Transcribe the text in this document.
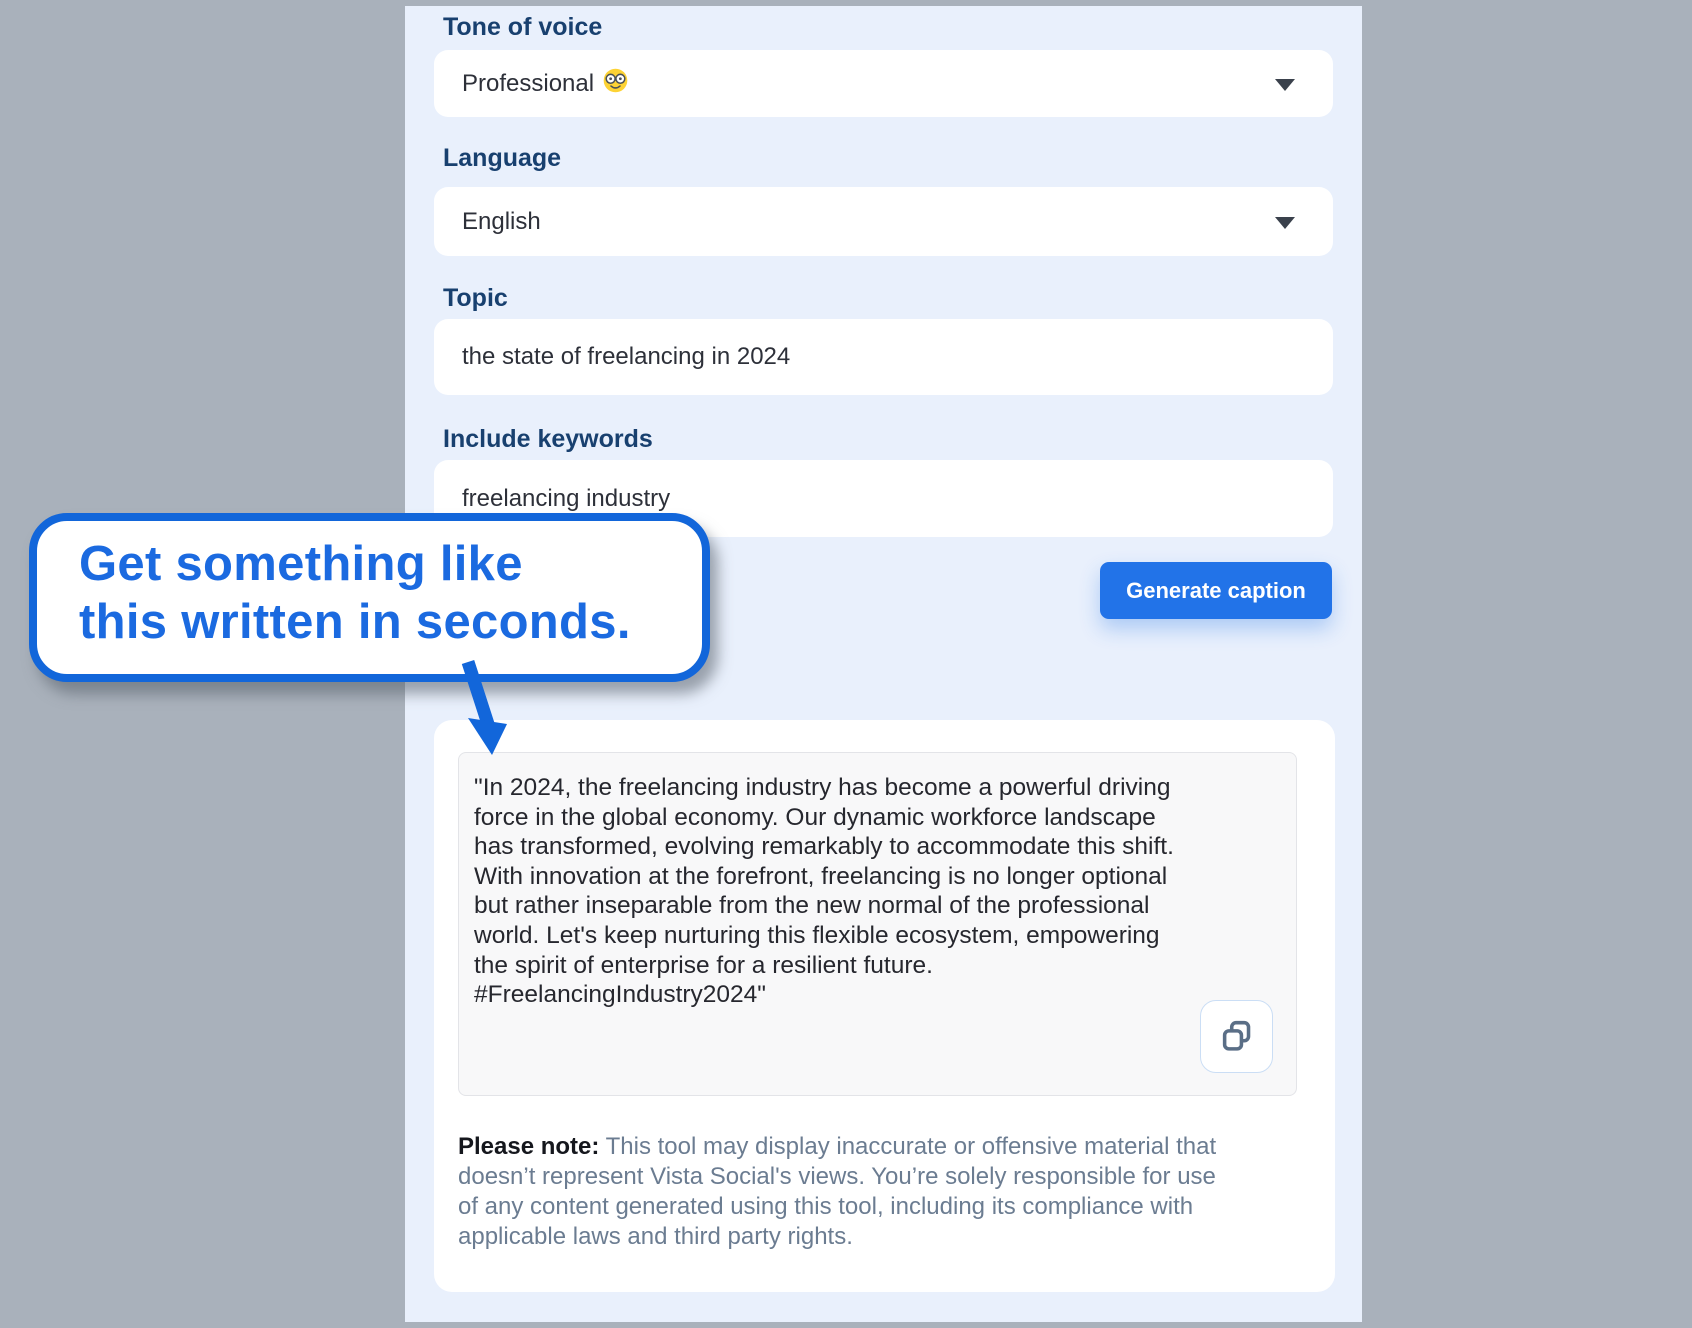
Tone of voice
Professional
Language
English
Topic
the state of freelancing in 2024
Include keywords
freelancing industry
Generate caption

"In 2024, the freelancing industry has become a powerful driving force in the global economy. Our dynamic workforce landscape has transformed, evolving remarkably to accommodate this shift. With innovation at the forefront, freelancing is no longer optional but rather inseparable from the new normal of the professional world. Let's keep nurturing this flexible ecosystem, empowering the spirit of enterprise for a resilient future. #FreelancingIndustry2024"

Please note: This tool may display inaccurate or offensive material that doesn’t represent Vista Social's views. You’re solely responsible for use of any content generated using this tool, including its compliance with applicable laws and third party rights.

Get something like
this written in seconds.
